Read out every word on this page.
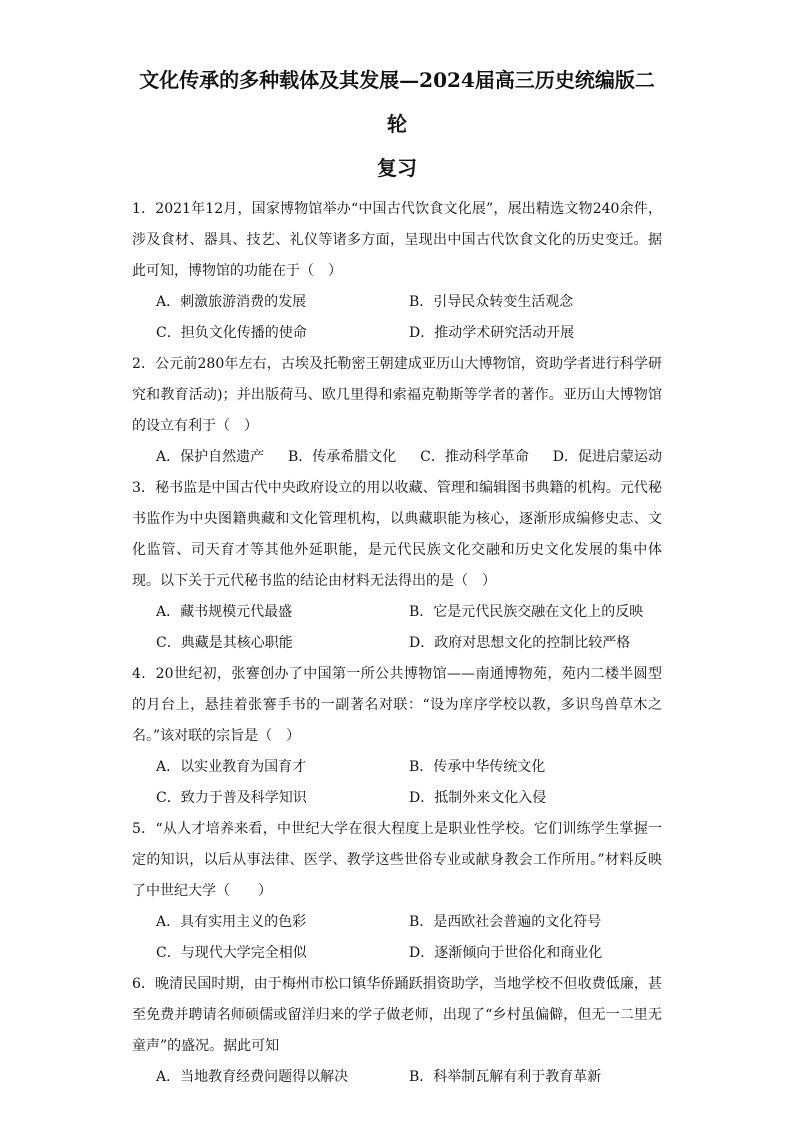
文化传承的多种载体及其发展—2024届高三历史统编版二轮
复习

1．2021年12月，国家博物馆举办“中国古代饮食文化展”，展出精选文物240余件，涉及食材、器具、技艺、礼仪等诸多方面，呈现出中国古代饮食文化的历史变迁。据此可知，博物馆的功能在于（　）

A．刺激旅游消费的发展	B．引导民众转变生活观念
C．担负文化传播的使命	D．推动学术研究活动开展

2．公元前280年左右，古埃及托勒密王朝建成亚历山大博物馆，资助学者进行科学研究和教育活动)；并出版荷马、欧几里得和索福克勒斯等学者的著作。亚历山大博物馆的设立有利于（　）

A．保护自然遗产 B．传承希腊文化 C．推动科学革命 D．促进启蒙运动

3．秘书监是中国古代中央政府设立的用以收藏、管理和编辑图书典籍的机构。元代秘书监作为中央图籍典藏和文化管理机构，以典藏职能为核心，逐渐形成编修史志、文化监管、司天育才等其他外延职能，是元代民族文化交融和历史文化发展的集中体现。以下关于元代秘书监的结论由材料无法得出的是（　）

A．藏书规模元代最盛	B．它是元代民族交融在文化上的反映
C．典藏是其核心职能	D．政府对思想文化的控制比较严格

4．20世纪初，张謇创办了中国第一所公共博物馆——南通博物苑，苑内二楼半圆型的月台上，悬挂着张謇手书的一副著名对联：“设为庠序学校以教，多识鸟兽草木之名。”该对联的宗旨是（　）

A．以实业教育为国育才	B．传承中华传统文化
C．致力于普及科学知识	D．抵制外来文化入侵

5．“从人才培养来看，中世纪大学在很大程度上是职业性学校。它们训练学生掌握一定的知识，以后从事法律、医学、教学这些世俗专业或献身教会工作所用。”材料反映了中世纪大学（　　）

A．具有实用主义的色彩	B．是西欧社会普遍的文化符号
C．与现代大学完全相似	D．逐渐倾向于世俗化和商业化

6．晚清民国时期，由于梅州市松口镇华侨踊跃捐资助学，当地学校不但收费低廉，甚至免费并聘请名师硕儒或留洋归来的学子做老师，出现了“乡村虽偏僻，但无一二里无童声”的盛况。据此可知

A．当地教育经费问题得以解决	B．科举制瓦解有利于教育革新
